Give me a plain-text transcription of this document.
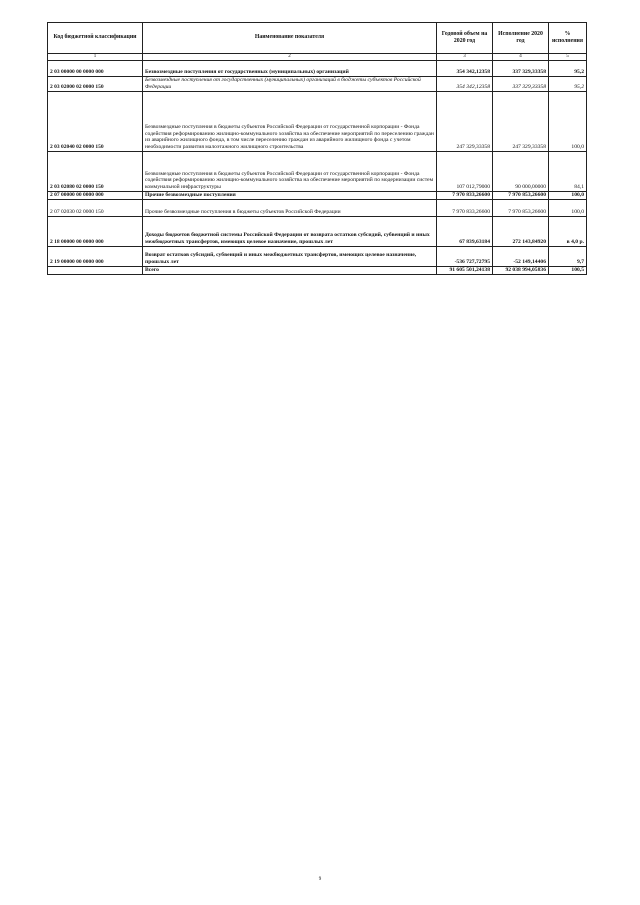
Код бюджетной классификации	Наименование показателя	Годовой объем на 2020 год	Исполнение 2020 год	% исполнения
1	2	3	4	5
2 03 00000 00 0000 000	Безвозмездные поступления от государственных (муниципальных) организаций	354 342,12358	337 329,33358	95,2
2 03 02000 02 0000 150	Безвозмездные поступления от государственных (муниципальных) организаций в бюджеты субъектов Российской Федерации	354 342,12358	337 329,33358	95,2
2 03 02040 02 0000 150	Безвозмездные поступления в бюджеты субъектов Российской Федерации от государственной корпорации - Фонда содействия реформированию жилищно-коммунального хозяйства на обеспечение мероприятий по переселению граждан из аварийного жилищного фонда, в том числе переселению граждан из аварийного жилищного фонда с учетом необходимости развития малоэтажного жилищного строительства	247 329,33358	247 329,33358	100,0
2 03 02080 02 0000 150	Безвозмездные поступления в бюджеты субъектов Российской Федерации от государственной корпорации - Фонда содействия реформированию жилищно-коммунального хозяйства на обеспечение мероприятий по модернизации систем коммунальной инфраструктуры	107 012,79000	90 000,00000	84,1
2 07 00000 00 0000 000	Прочие безвозмездные поступления	7 970 833,26600	7 970 853,26600	100,0
2 07 02030 02 0000 150	Прочие безвозмездные поступления в бюджеты субъектов Российской Федерации	7 970 833,26600	7 970 853,26600	100,0
2 18 00000 00 0000 000	Доходы бюджетов бюджетной системы Российской Федерации от возврата остатков субсидий, субвенций и иных межбюджетных трансфертов, имеющих целевое назначение, прошлых лет	67 839,63184	272 143,84920	в 4,0 р.
2 19 00000 00 0000 000	Возврат остатков субсидий, субвенций и иных межбюджетных трансфертов, имеющих целевое назначение, прошлых лет	-536 727,72795	-52 149,14406	9,7
	Всего	91 605 501,24138	92 038 994,05836	100,5
9
